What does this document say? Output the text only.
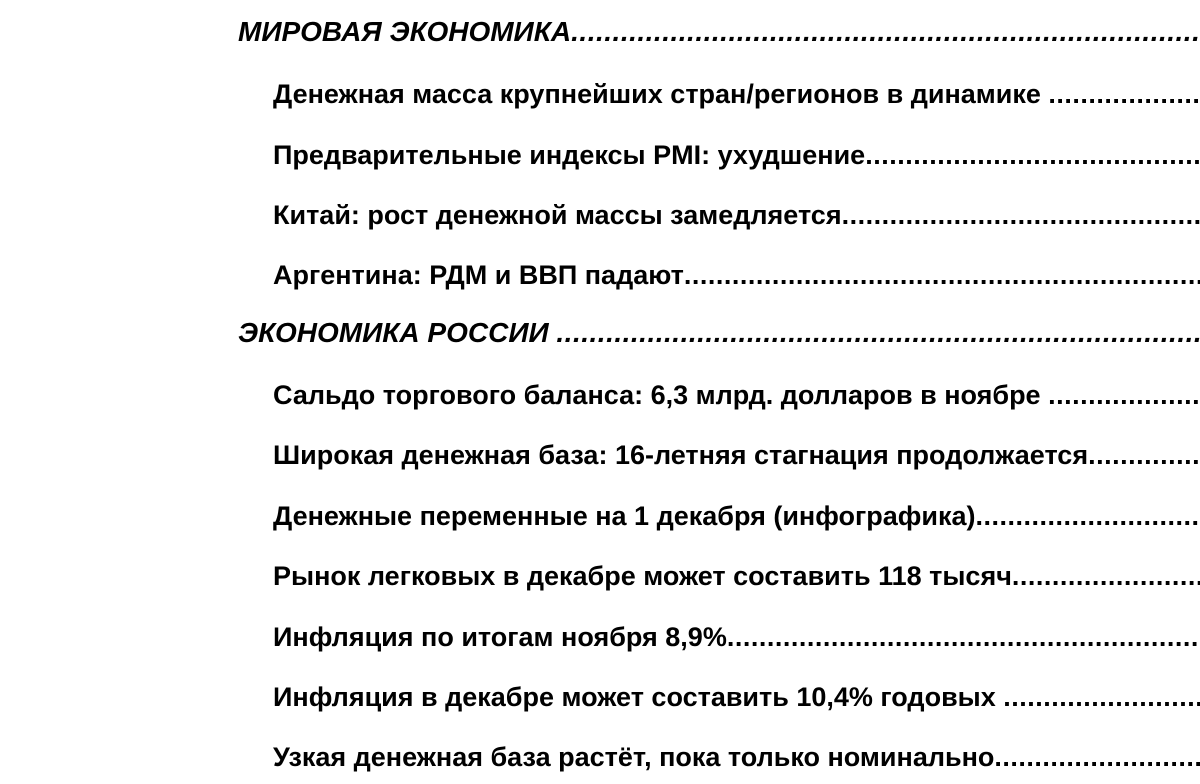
МИРОВАЯ ЭКОНОМИКА .....
Денежная масса крупнейших стран/регионов в динамике .....
Предварительные индексы PMI: ухудшение .....
Китай: рост денежной массы замедляется .....
Аргентина: РДМ и ВВП падают .....
ЭКОНОМИКА РОССИИ .....
Сальдо торгового баланса: 6,3 млрд. долларов в ноябре .....
Широкая денежная база: 16-летняя стагнация продолжается .....
Денежные переменные на 1 декабря (инфографика) .....
Рынок легковых в декабре может составить 118 тысяч .....
Инфляция по итогам ноября 8,9% .....
Инфляция в декабре может составить 10,4% годовых .....
Узкая денежная база растёт, пока только номинально .....
